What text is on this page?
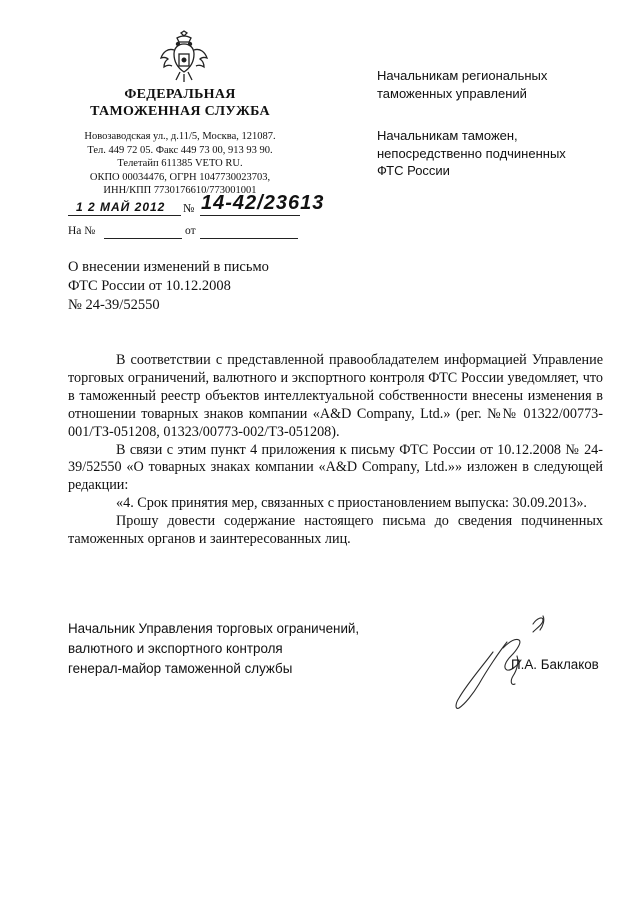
ФЕДЕРАЛЬНАЯ
ТАМОЖЕННАЯ СЛУЖБА
Новозаводская ул., д.11/5, Москва, 121087.
Тел. 449 72 05. Факс 449 73 00, 913 93 90.
Телетайп 611385 VETO RU.
ОКПО 00034476, ОГРН 1047730023703,
ИНН/КПП 7730176610/773001001
1 2 МАЙ 2012 № 14-42/23613
На №	от
Начальникам региональных
таможенных управлений
Начальникам таможен,
непосредственно подчиненных
ФТС России
О внесении изменений в письмо
ФТС России от 10.12.2008
№ 24-39/52550

В соответствии с представленной правообладателем информацией Управление торговых ограничений, валютного и экспортного контроля ФТС России уведомляет, что в таможенный реестр объектов интеллектуальной собственности внесены изменения в отношении товарных знаков компании «A&D Company, Ltd.» (рег. №№ 01322/00773-001/ТЗ-051208, 01323/00773-002/ТЗ-051208).

В связи с этим пункт 4 приложения к письму ФТС России от 10.12.2008 № 24-39/52550 «О товарных знаках компании «A&D Company, Ltd.»» изложен в следующей редакции:

«4. Срок принятия мер, связанных с приостановлением выпуска: 30.09.2013».

Прошу довести содержание настоящего письма до сведения подчиненных таможенных органов и заинтересованных лиц.

Начальник Управления торговых ограничений,
валютного и экспортного контроля
генерал-майор таможенной службы	П.А. Баклаков
